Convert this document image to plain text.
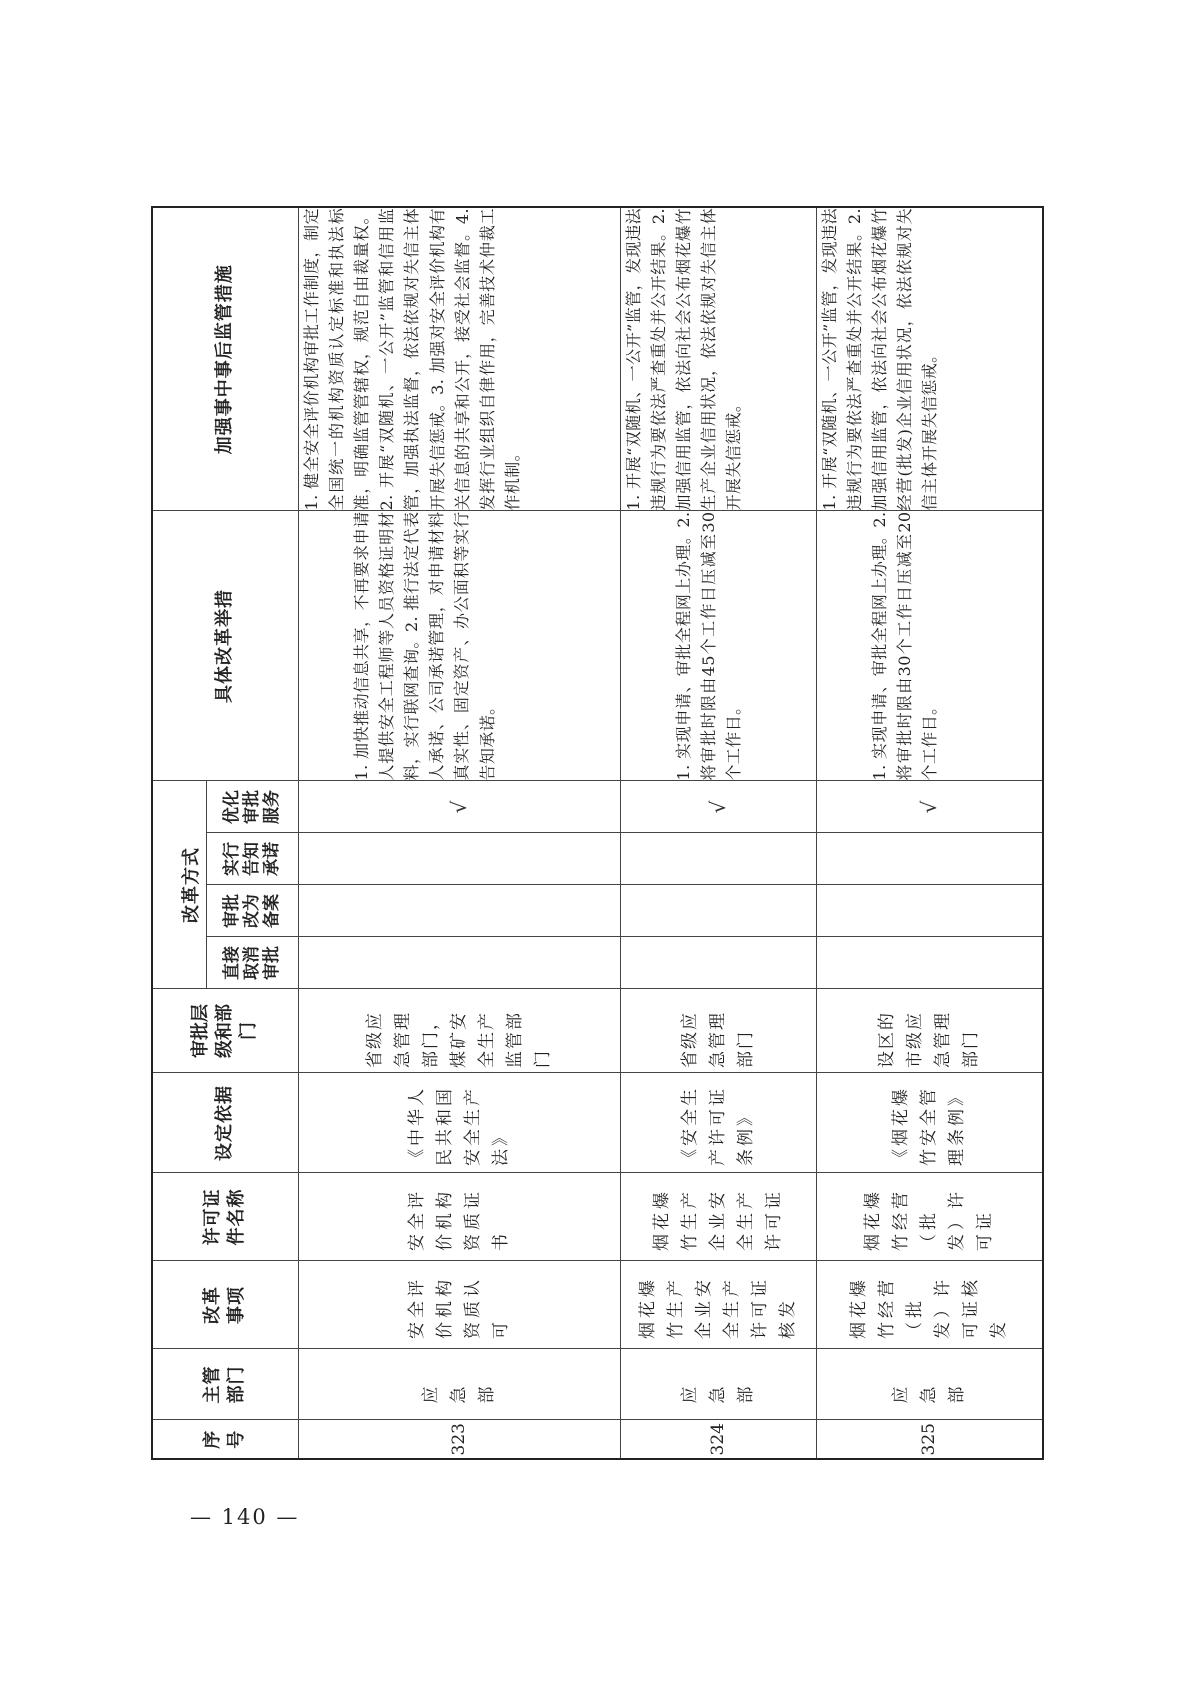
序号	主管部门	改革事项	许可证件名称	设定依据	审批层级和部门	改革方式				具体改革举措	加强事中事后监管措施

						直接取消审批	审批改为备案	实行告知承诺	优化审批服务		

323	应急部	安全评价机构资质认可	安全评价机构资质证书	《中华人民共和国安全生产法》	省级应急管理部门，煤矿安全生产监管部门				√	1. 加快推动信息共享，不再要求申请人提供安全工程师等人员资格证明材料，实行联网查询。2. 推行法定代表人承诺、公司承诺管理，对申请材料真实性、固定资产、办公面积等实行告知承诺。	1. 健全安全评价机构审批工作制度，制定全国统一的机构资质认定标准和执法标准，明确监管管辖权，规范自由裁量权。2. 开展“双随机、一公开”监管和信用监管，加强执法监督，依法依规对失信主体开展失信惩戒。3. 加强对安全评价机构有关信息的共享和公开，接受社会监督。4. 发挥行业组织自律作用，完善技术仲裁工作机制。
324	应急部	烟花爆竹生产企业安全生产许可证核发	烟花爆竹生产企业安全生产许可证	《安全生产许可证条例》	省级应急管理部门				√	1. 实现申请、审批全程网上办理。2. 将审批时限由45个工作日压减至30个工作日。	1. 开展“双随机、一公开”监管，发现违法违规行为要依法严查重处并公开结果。2. 加强信用监管，依法向社会公布烟花爆竹生产企业信用状况，依法依规对失信主体开展失信惩戒。
325	应急部	烟花爆竹经营（批发）许可证核发	烟花爆竹经营（批发）许可证	《烟花爆竹安全管理条例》	设区的市级应急管理部门				√	1. 实现申请、审批全程网上办理。2. 将审批时限由30个工作日压减至20个工作日。	1. 开展“双随机、一公开”监管，发现违法违规行为要依法严查重处并公开结果。2. 加强信用监管，依法向社会公布烟花爆竹经营(批发)企业信用状况，依法依规对失信主体开展失信惩戒。
— 140 —
